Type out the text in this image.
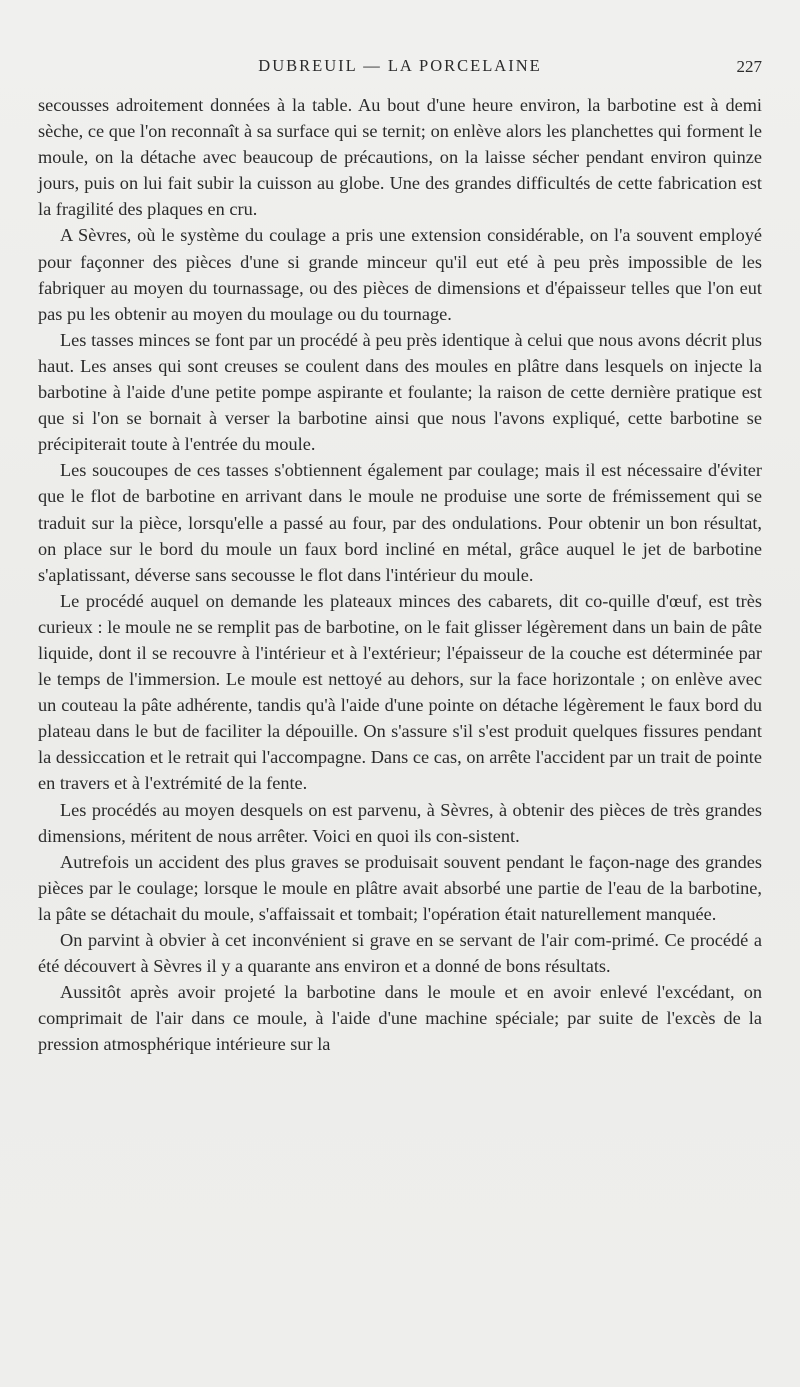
DUBREUIL — LA PORCELAINE	227

secousses adroitement données à la table. Au bout d'une heure environ, la barbotine est à demi sèche, ce que l'on reconnaît à sa surface qui se ternit; on enlève alors les planchettes qui forment le moule, on la détache avec beaucoup de précautions, on la laisse sécher pendant environ quinze jours, puis on lui fait subir la cuisson au globe. Une des grandes difficultés de cette fabrication est la fragilité des plaques en cru.

A Sèvres, où le système du coulage a pris une extension considérable, on l'a souvent employé pour façonner des pièces d'une si grande minceur qu'il eut eté à peu près impossible de les fabriquer au moyen du tournassage, ou des pièces de dimensions et d'épaisseur telles que l'on eut pas pu les obtenir au moyen du moulage ou du tournage.

Les tasses minces se font par un procédé à peu près identique à celui que nous avons décrit plus haut. Les anses qui sont creuses se coulent dans des moules en plâtre dans lesquels on injecte la barbotine à l'aide d'une petite pompe aspirante et foulante; la raison de cette dernière pratique est que si l'on se bornait à verser la barbotine ainsi que nous l'avons expliqué, cette barbotine se précipiterait toute à l'entrée du moule.

Les soucoupes de ces tasses s'obtiennent également par coulage; mais il est nécessaire d'éviter que le flot de barbotine en arrivant dans le moule ne produise une sorte de frémissement qui se traduit sur la pièce, lorsqu'elle a passé au four, par des ondulations. Pour obtenir un bon résultat, on place sur le bord du moule un faux bord incliné en métal, grâce auquel le jet de barbotine s'aplatissant, déverse sans secousse le flot dans l'intérieur du moule.

Le procédé auquel on demande les plateaux minces des cabarets, dit co-quille d'œuf, est très curieux : le moule ne se remplit pas de barbotine, on le fait glisser légèrement dans un bain de pâte liquide, dont il se recouvre à l'intérieur et à l'extérieur; l'épaisseur de la couche est déterminée par le temps de l'immersion. Le moule est nettoyé au dehors, sur la face horizontale ; on enlève avec un couteau la pâte adhérente, tandis qu'à l'aide d'une pointe on détache légèrement le faux bord du plateau dans le but de faciliter la dépouille. On s'assure s'il s'est produit quelques fissures pendant la dessiccation et le retrait qui l'accompagne. Dans ce cas, on arrête l'accident par un trait de pointe en travers et à l'extrémité de la fente.

Les procédés au moyen desquels on est parvenu, à Sèvres, à obtenir des pièces de très grandes dimensions, méritent de nous arrêter. Voici en quoi ils con-sistent.

Autrefois un accident des plus graves se produisait souvent pendant le façon-nage des grandes pièces par le coulage; lorsque le moule en plâtre avait absorbé une partie de l'eau de la barbotine, la pâte se détachait du moule, s'affaissait et tombait; l'opération était naturellement manquée.

On parvint à obvier à cet inconvénient si grave en se servant de l'air com-primé. Ce procédé a été découvert à Sèvres il y a quarante ans environ et a donné de bons résultats.

Aussitôt après avoir projeté la barbotine dans le moule et en avoir enlevé l'excédant, on comprimait de l'air dans ce moule, à l'aide d'une machine spéciale; par suite de l'excès de la pression atmosphérique intérieure sur la
